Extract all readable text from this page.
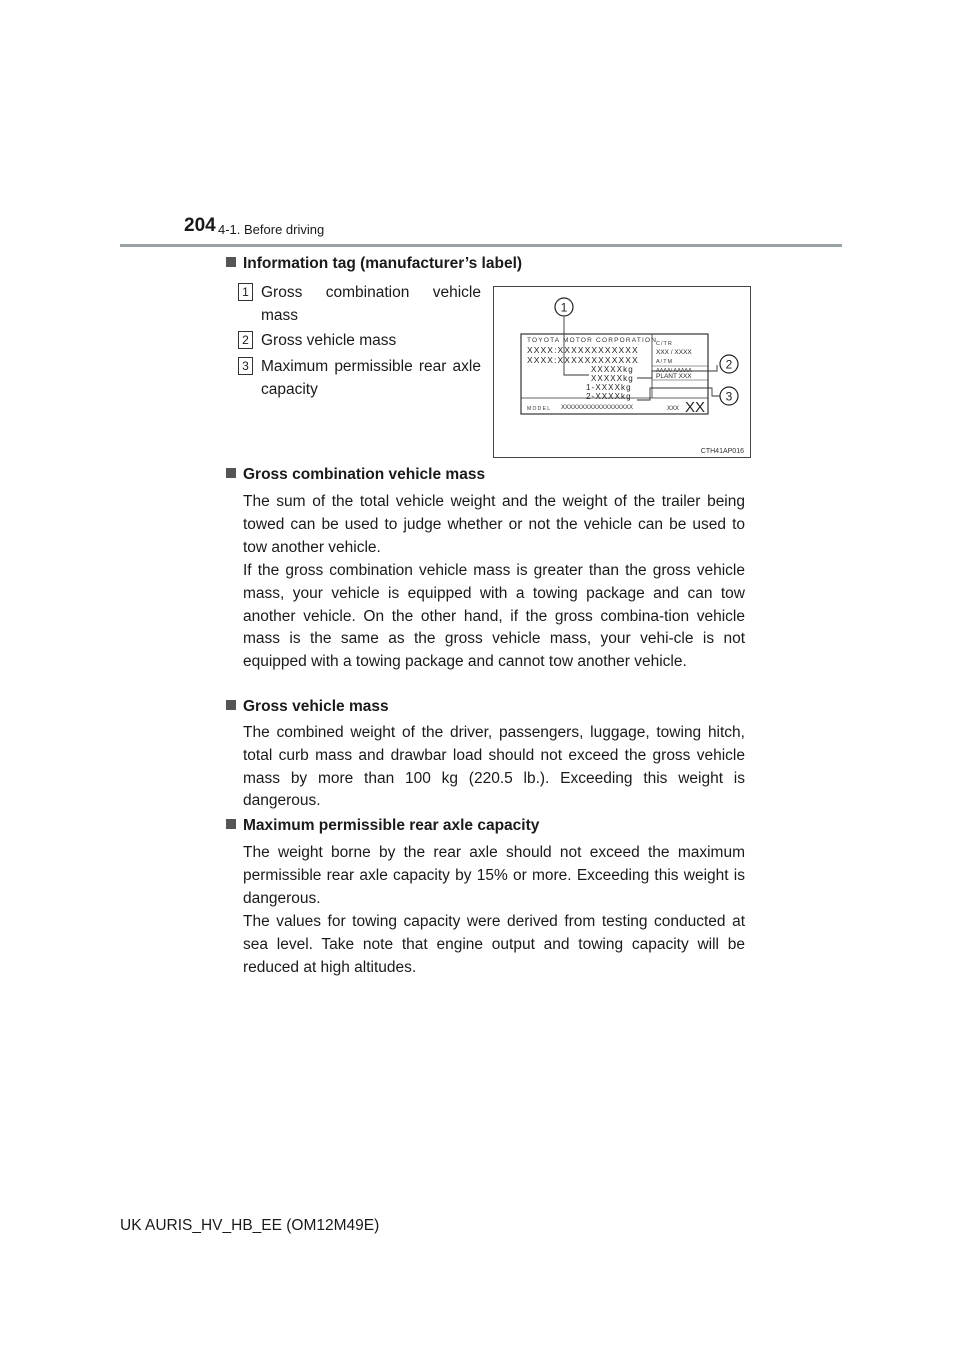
204 4-1. Before driving
Information tag (manufacturer’s label)
1 Gross combination vehicle mass
2 Gross vehicle mass
3 Maximum permissible rear axle capacity
TOYOTA MOTOR CORPORATION
XXXX:XXXXXXXXXXXX
XXXX:XXXXXXXXXXXX
C/TR
XXX / XXXX
A/TM
XXXXXkg
XXXXXkg
1-XXXXkg
2-XXXXkg
AAAA/ AAAAA
PLANT XXX
MODEL XXXXXXXXXXXXXXXXXX	XXX XX
1
2
3
CTH41AP016
Gross combination vehicle mass
The sum of the total vehicle weight and the weight of the trailer being towed can be used to judge whether or not the vehicle can be used to tow another vehicle.
If the gross combination vehicle mass is greater than the gross vehicle mass, your vehicle is equipped with a towing package and can tow another vehicle. On the other hand, if the gross combina-tion vehicle mass is the same as the gross vehicle mass, your vehi-cle is not equipped with a towing package and cannot tow another vehicle.
Gross vehicle mass
The combined weight of the driver, passengers, luggage, towing hitch, total curb mass and drawbar load should not exceed the gross vehicle mass by more than 100 kg (220.5 lb.). Exceeding this weight is dangerous.
Maximum permissible rear axle capacity
The weight borne by the rear axle should not exceed the maximum permissible rear axle capacity by 15% or more. Exceeding this weight is dangerous.
The values for towing capacity were derived from testing conducted at sea level. Take note that engine output and towing capacity will be reduced at high altitudes.
UK AURIS_HV_HB_EE (OM12M49E)
